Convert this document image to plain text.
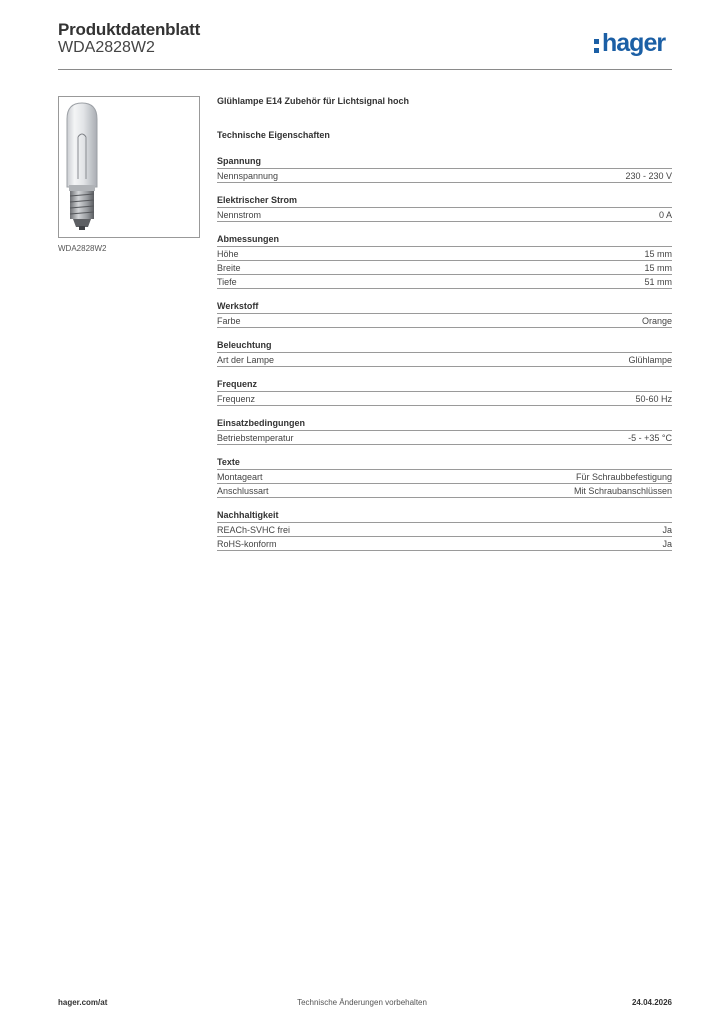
Produktdatenblatt
WDA2828W2	hager
WDA2828W2
Glühlampe E14 Zubehör für Lichtsignal hoch
Technische Eigenschaften
Spannung
Nennspannung	230 - 230 V
Elektrischer Strom
Nennstrom	0 A
Abmessungen
Höhe	15 mm
Breite	15 mm
Tiefe	51 mm
Werkstoff
Farbe	Orange
Beleuchtung
Art der Lampe	Glühlampe
Frequenz
Frequenz	50-60 Hz
Einsatzbedingungen
Betriebstemperatur	-5 - +35 °C
Texte
Montageart	Für Schraubbefestigung
Anschlussart	Mit Schraubanschlüssen
Nachhaltigkeit
REACh-SVHC frei	Ja
RoHS-konform	Ja
hager.com/at	Technische Änderungen vorbehalten	24.04.2026
